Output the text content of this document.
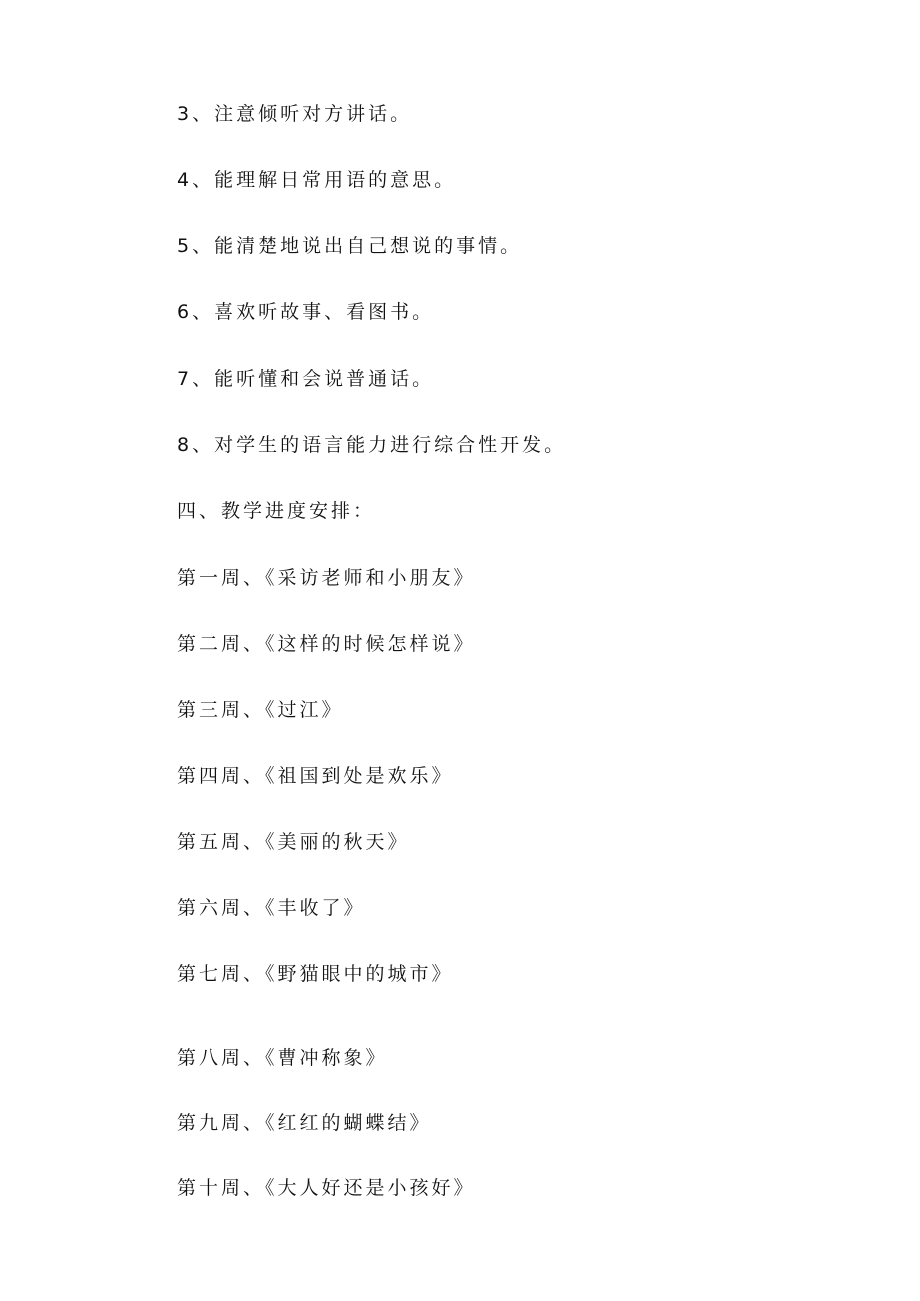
3、注意倾听对方讲话。
4、能理解日常用语的意思。
5、能清楚地说出自己想说的事情。
6、喜欢听故事、看图书。
7、能听懂和会说普通话。
8、对学生的语言能力进行综合性开发。
四、教学进度安排：
第一周、《采访老师和小朋友》
第二周、《这样的时候怎样说》
第三周、《过江》
第四周、《祖国到处是欢乐》
第五周、《美丽的秋天》
第六周、《丰收了》
第七周、《野猫眼中的城市》
第八周、《曹冲称象》
第九周、《红红的蝴蝶结》
第十周、《大人好还是小孩好》
